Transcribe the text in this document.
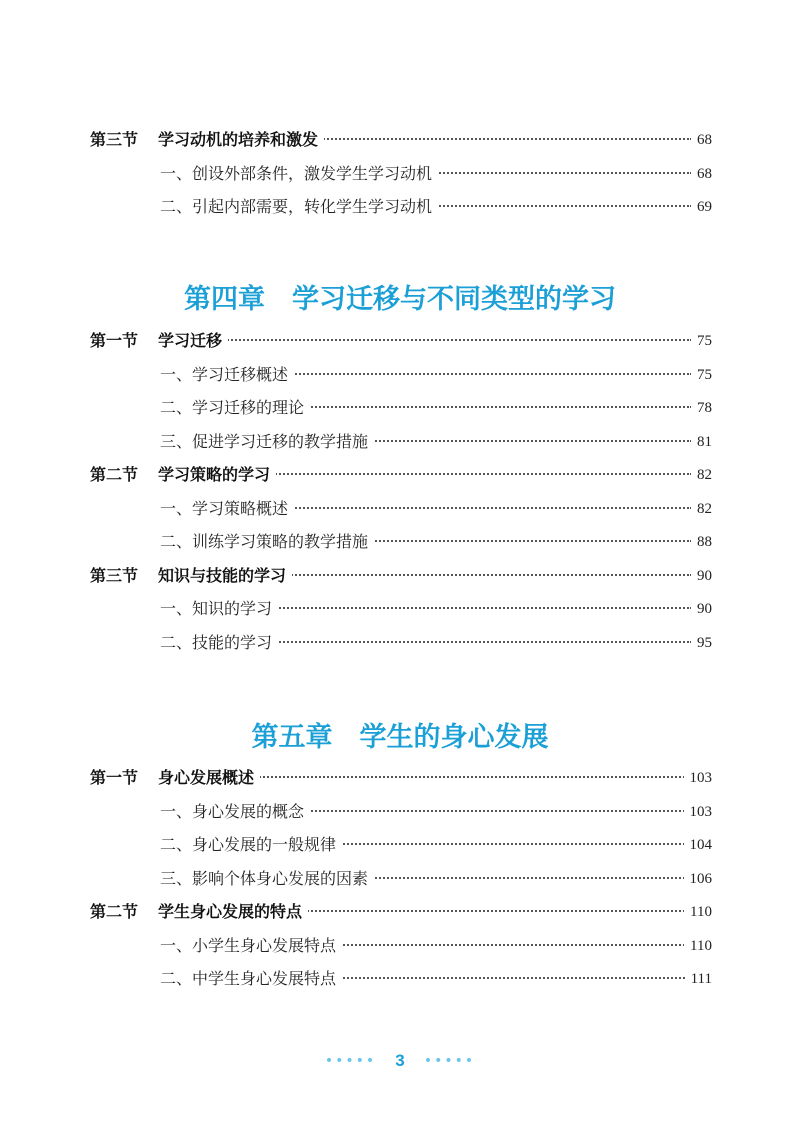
第三节 学习动机的培养和激发	68
一、创设外部条件，激发学生学习动机	68
二、引起内部需要，转化学生学习动机	69
第四章　学习迁移与不同类型的学习
第一节 学习迁移	75
一、学习迁移概述	75
二、学习迁移的理论	78
三、促进学习迁移的教学措施	81
第二节 学习策略的学习	82
一、学习策略概述	82
二、训练学习策略的教学措施	88
第三节 知识与技能的学习	90
一、知识的学习	90
二、技能的学习	95
第五章　学生的身心发展
第一节 身心发展概述	103
一、身心发展的概念	103
二、身心发展的一般规律	104
三、影响个体身心发展的因素	106
第二节 学生身心发展的特点	110
一、小学生身心发展特点	110
二、中学生身心发展特点	111
••••• 3 •••••
